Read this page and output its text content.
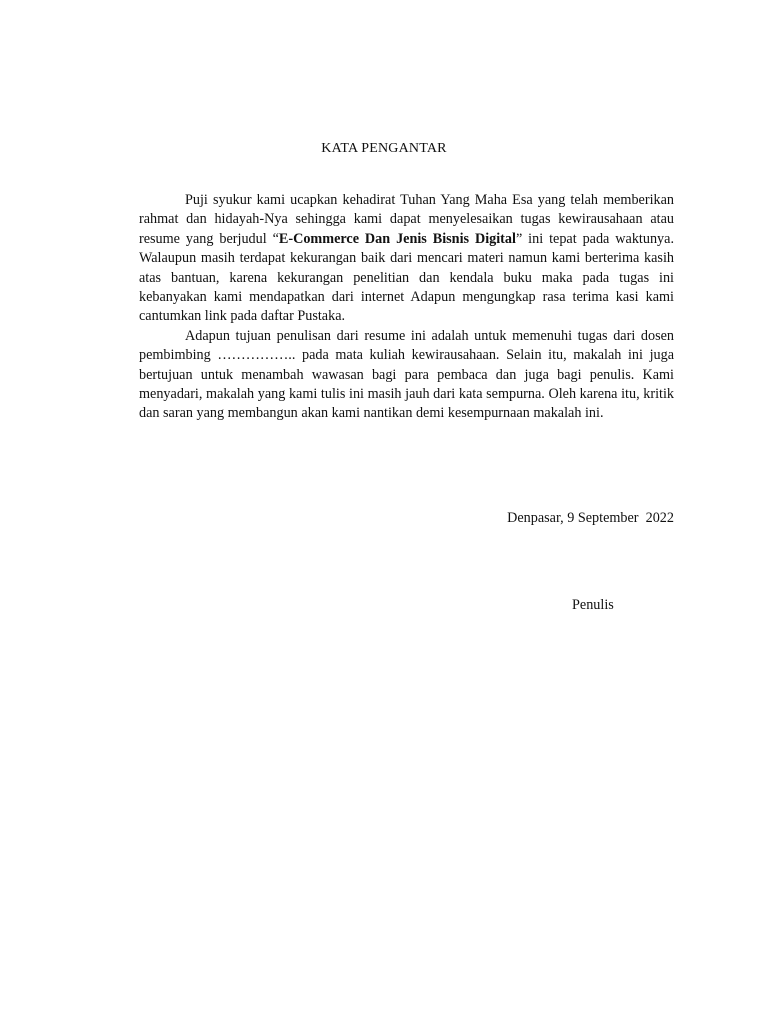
KATA PENGANTAR

Puji syukur kami ucapkan kehadirat Tuhan Yang Maha Esa yang telah memberikan rahmat dan hidayah-Nya sehingga kami dapat menyelesaikan tugas kewirausahaan atau resume yang berjudul “E-Commerce Dan Jenis Bisnis Digital” ini tepat pada waktunya. Walaupun masih terdapat kekurangan baik dari mencari materi namun kami berterima kasih atas bantuan, karena kekurangan penelitian dan kendala buku maka pada tugas ini kebanyakan kami mendapatkan dari internet Adapun mengungkap rasa terima kasi kami cantumkan link pada daftar Pustaka.

Adapun tujuan penulisan dari resume ini adalah untuk memenuhi tugas dari dosen pembimbing …………….. pada mata kuliah kewirausahaan. Selain itu, makalah ini juga bertujuan untuk menambah wawasan bagi para pembaca dan juga bagi penulis. Kami menyadari, makalah yang kami tulis ini masih jauh dari kata sempurna. Oleh karena itu, kritik dan saran yang membangun akan kami nantikan demi kesempurnaan makalah ini.

Denpasar, 9 September  2022
Penulis
